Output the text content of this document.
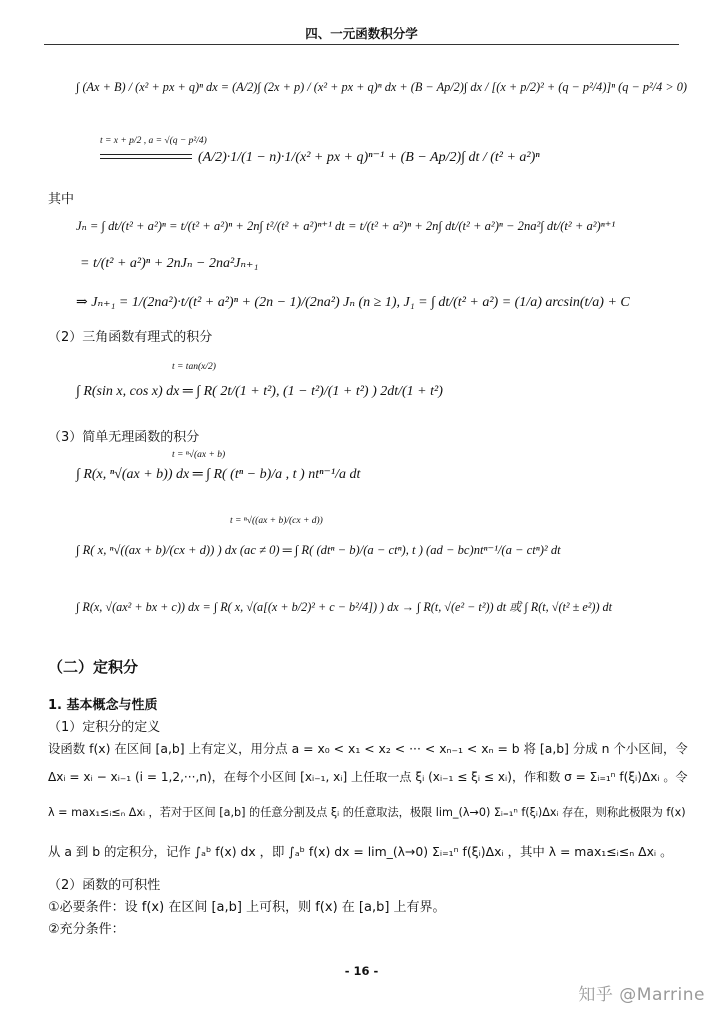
四、一元函数积分学
∫ (Ax + B) / (x² + px + q)ⁿ dx = (A/2)∫ (2x + p) / (x² + px + q)ⁿ dx + (B − Ap/2)∫ dx / [(x + p/2)² + (q − p²/4)]ⁿ (q − p²/4 > 0)
t = x + p/2 , a = √(q − p²/4)
(A/2)·1/(1 − n)·1/(x² + px + q)ⁿ⁻¹ + (B − Ap/2)∫ dt / (t² + a²)ⁿ
其中
Jₙ = ∫ dt/(t² + a²)ⁿ = t/(t² + a²)ⁿ + 2n∫ t²/(t² + a²)ⁿ⁺¹ dt = t/(t² + a²)ⁿ + 2n∫ dt/(t² + a²)ⁿ − 2na²∫ dt/(t² + a²)ⁿ⁺¹
= t/(t² + a²)ⁿ + 2nJₙ − 2na²Jₙ₊₁
⇒ Jₙ₊₁ = 1/(2na²)·t/(t² + a²)ⁿ + (2n − 1)/(2na²) Jₙ (n ≥ 1), J₁ = ∫ dt/(t² + a²) = (1/a) arcsin(t/a) + C
（2）三角函数有理式的积分
t = tan(x/2)
∫ R(sin x, cos x) dx ═ ∫ R( 2t/(1 + t²), (1 − t²)/(1 + t²) ) 2dt/(1 + t²)
（3）简单无理函数的积分
t = ⁿ√(ax + b)
∫ R(x, ⁿ√(ax + b)) dx ═ ∫ R( (tⁿ − b)/a , t ) ntⁿ⁻¹/a dt
t = ⁿ√((ax + b)/(cx + d))
∫ R( x, ⁿ√((ax + b)/(cx + d)) ) dx (ac ≠ 0) ═ ∫ R( (dtⁿ − b)/(a − ctⁿ), t ) (ad − bc)ntⁿ⁻¹/(a − ctⁿ)² dt
∫ R(x, √(ax² + bx + c)) dx = ∫ R( x, √(a[(x + b/2)² + c − b²/4]) ) dx → ∫ R(t, √(e² − t²)) dt 或 ∫ R(t, √(t² ± e²)) dt
（二）定积分
1. 基本概念与性质
（1）定积分的定义
设函数 f(x) 在区间 [a,b] 上有定义，用分点 a = x₀ < x₁ < x₂ < ··· < xₙ₋₁ < xₙ = b 将 [a,b] 分成 n 个小区间，令
Δxᵢ = xᵢ − xᵢ₋₁ (i = 1,2,···,n)，在每个小区间 [xᵢ₋₁, xᵢ] 上任取一点 ξᵢ (xᵢ₋₁ ≤ ξᵢ ≤ xᵢ)，作和数 σ = Σᵢ₌₁ⁿ f(ξᵢ)Δxᵢ 。令
λ = max₁≤ᵢ≤ₙ Δxᵢ ，若对于区间 [a,b] 的任意分割及点 ξᵢ 的任意取法，极限 lim_(λ→0) Σᵢ₌₁ⁿ f(ξᵢ)Δxᵢ 存在，则称此极限为 f(x)
从 a 到 b 的定积分，记作 ∫ₐᵇ f(x) dx ，即 ∫ₐᵇ f(x) dx = lim_(λ→0) Σᵢ₌₁ⁿ f(ξᵢ)Δxᵢ ，其中 λ = max₁≤ᵢ≤ₙ Δxᵢ 。
（2）函数的可积性
①必要条件：设 f(x) 在区间 [a,b] 上可积，则 f(x) 在 [a,b] 上有界。
②充分条件：
- 16 -
知乎 @Marrine
